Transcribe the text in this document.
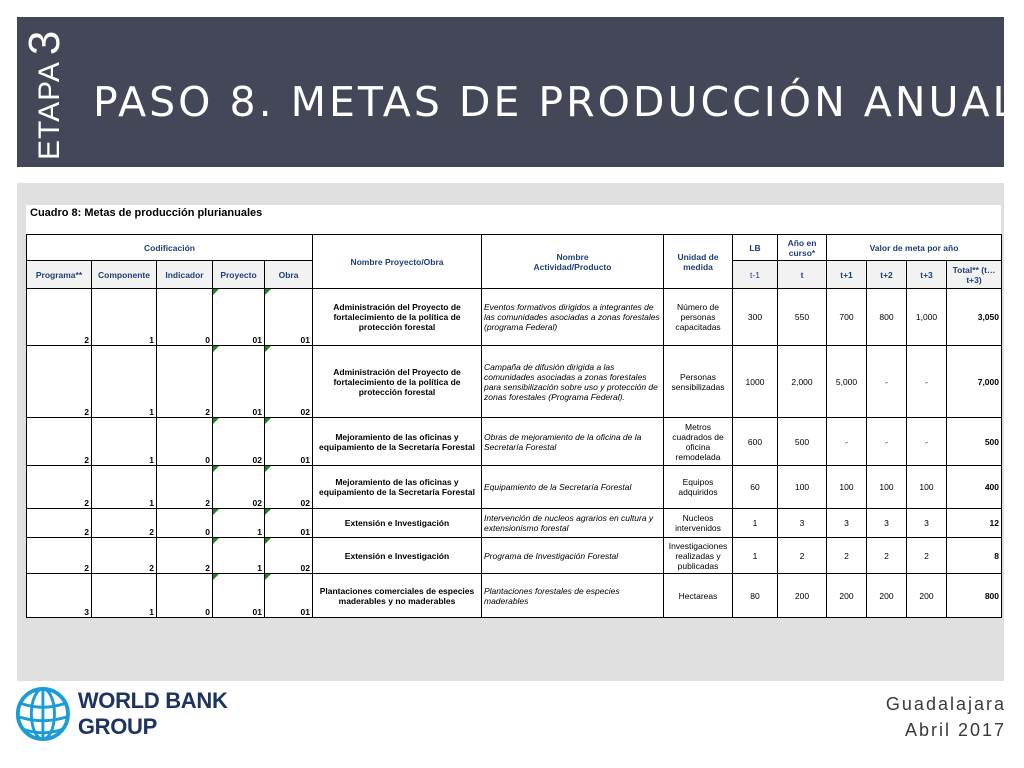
ETAPA
3
PASO 8. METAS DE PRODUCCIÓN ANUAL
Cuadro 8: Metas de producción plurianuales
Codificación					Nombre Proyecto/Obra	Nombre
Actividad/Producto	Unidad de medida	LB	Año en curso*	Valor de meta por año			
Programa**	Componente	Indicador	Proyecto	Obra				t-1	t	t+1	t+2	t+3	Total** (t…t+3)
2	1	0	01	01	Administración del Proyecto de fortalecimiento de la política de protección forestal	Eventos formativos dirigidos a integrantes de las comunidades asociadas a zonas forestales (programa Federal)	Número de personas capacitadas	300	550	700	800	1,000	3,050
2	1	2	01	02	Administración del Proyecto de fortalecimiento de la política de protección forestal	Campaña de difusión dirigida a las comunidades asociadas a zonas forestales para sensibilización sobre uso y protección de zonas forestales (Programa Federal).	Personas sensibilizadas	1000	2,000	5,000	-	-	7,000
2	1	0	02	01	Mejoramiento de las oficinas y equipamiento de la Secretaría Forestal	Obras de mejoramiento de la oficina de la Secretaría Forestal	Metros cuadrados de oficina remodelada	600	500	-	-	-	500
2	1	2	02	02	Mejoramiento de las oficinas y equipamiento de la Secretaría Forestal	Equipamiento de la Secretaría Forestal	Equipos adquiridos	60	100	100	100	100	400
2	2	0	1	01	Extensión e Investigación	Intervención de nucleos agrarios en cultura y extensionismo forestal	Nucleos intervenidos	1	3	3	3	3	12
2	2	2	1	02	Extensión e Investigación	Programa de Investigación Forestal	Investigaciones realizadas y publicadas	1	2	2	2	2	8
3	1	0	01	01	Plantaciones comerciales de especies maderables y no maderables	Plantaciones forestales de especies maderables	Hectareas	80	200	200	200	200	800
WORLD BANK GROUP
Guadalajara
Abril 2017
